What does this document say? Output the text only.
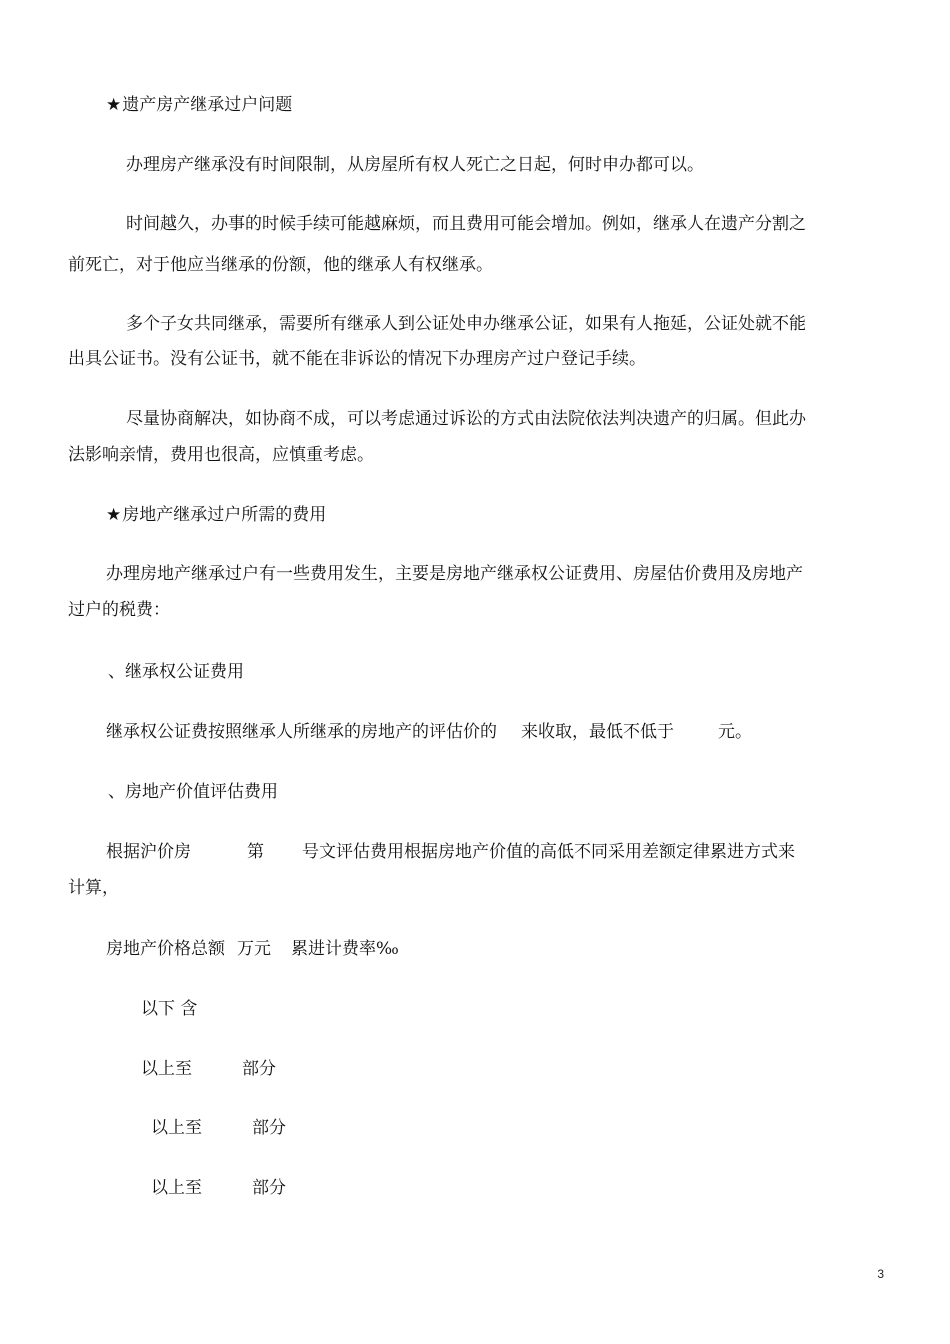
★遗产房产继承过户问题
办理房产继承没有时间限制，从房屋所有权人死亡之日起，何时申办都可以。
时间越久，办事的时候手续可能越麻烦，而且费用可能会增加。例如，继承人在遗产分割之
前死亡，对于他应当继承的份额，他的继承人有权继承。
多个子女共同继承，需要所有继承人到公证处申办继承公证，如果有人拖延，公证处就不能
出具公证书。没有公证书，就不能在非诉讼的情况下办理房产过户登记手续。
尽量协商解决，如协商不成，可以考虑通过诉讼的方式由法院依法判决遗产的归属。但此办
法影响亲情，费用也很高，应慎重考虑。
★房地产继承过户所需的费用
办理房地产继承过户有一些费用发生，主要是房地产继承权公证费用、房屋估价费用及房地产
过户的税费：
、继承权公证费用
继承权公证费按照继承人所继承的房地产的评估价的 来收取，最低不低于	元。
、房地产价值评估费用
根据沪价房	第 号文评估费用根据房地产价值的高低不同采用差额定律累进方式来
计算，
房地产价格总额 万元 累进计费率‰
以下 含
以上至	部分
以上至	部分
以上至	部分
3
